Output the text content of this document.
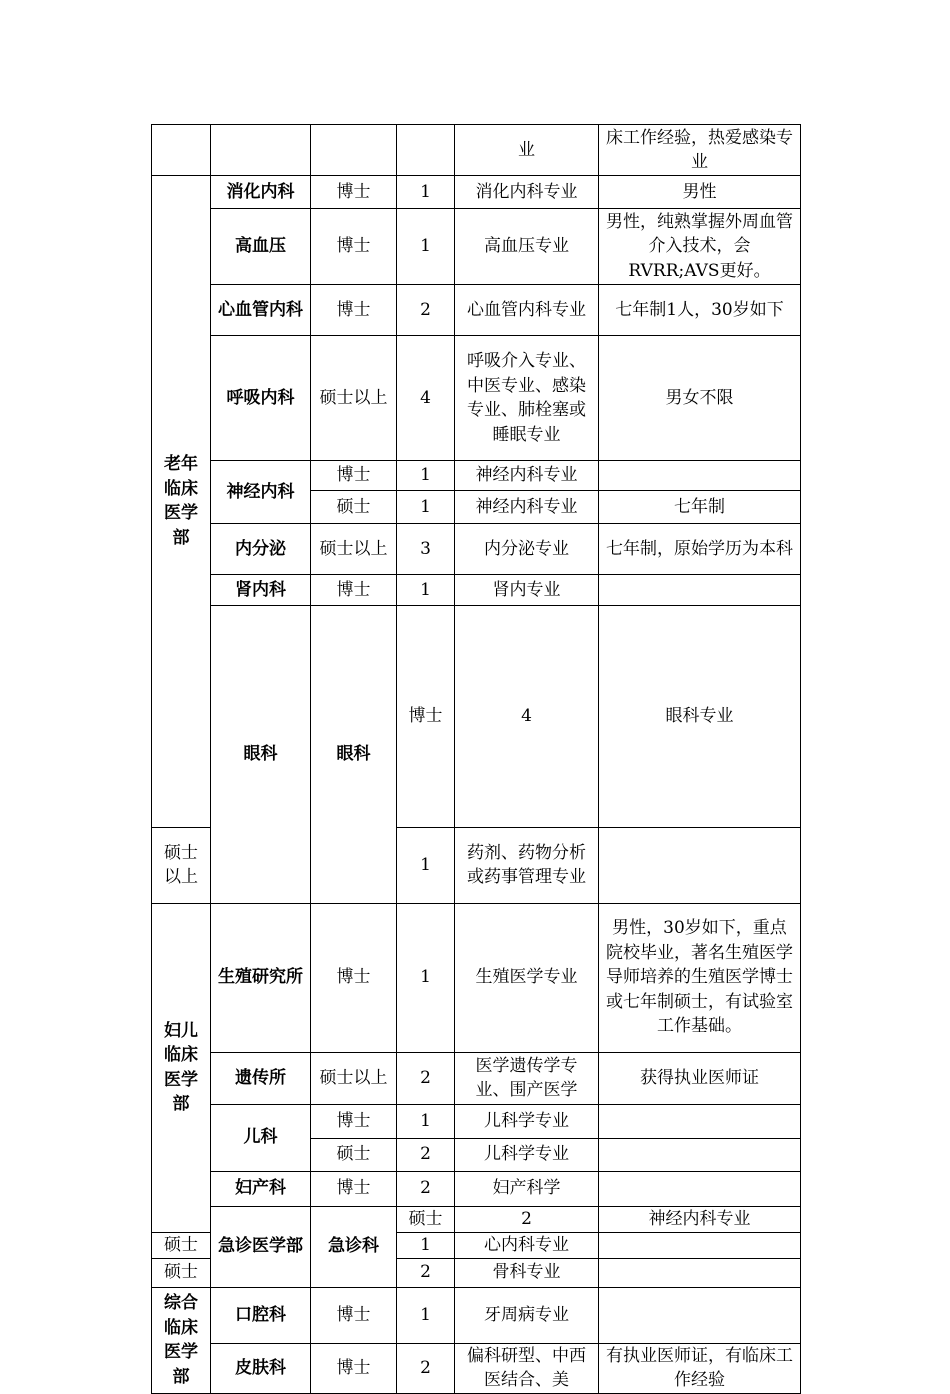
				业	床工作经验，热爱感染专业	
老年临床医学部	消化内科	博士	1	消化内科专业	男性	
	高血压	博士	1	高血压专业	男性，纯熟掌握外周血管介入技术，会RVRR;AVS更好。	
	心血管内科	博士	2	心血管内科专业	七年制1人，30岁如下	
	呼吸内科	硕士以上	4	呼吸介入专业、中医专业、感染专业、肺栓塞或睡眠专业	男女不限	
	神经内科	博士	1	神经内科专业		
		硕士	1	神经内科专业	七年制	
	内分泌	硕士以上	3	内分泌专业	七年制，原始学历为本科	
	肾内科	博士	1	肾内专业		
	眼科	眼科	博士	4	眼科专业	
硕士以上			1	药剂、药物分析或药事管理专业		
妇儿临床医学部	生殖研究所	博士	1	生殖医学专业	男性，30岁如下，重点院校毕业，著名生殖医学导师培养的生殖医学博士或七年制硕士，有试验室工作基础。	
	遗传所	硕士以上	2	医学遗传学专业、围产医学	获得执业医师证	
	儿科	博士	1	儿科学专业		
		硕士	2	儿科学专业		
	妇产科	博士	2	妇产科学		
	急诊医学部	急诊科	硕士	2	神经内科专业	
硕士			1	心内科专业		
硕士			2	骨科专业		
综合临床医学部	口腔科	博士	1	牙周病专业		
	皮肤科	博士	2	偏科研型、中西医结合、美	有执业医师证，有临床工作经验	
